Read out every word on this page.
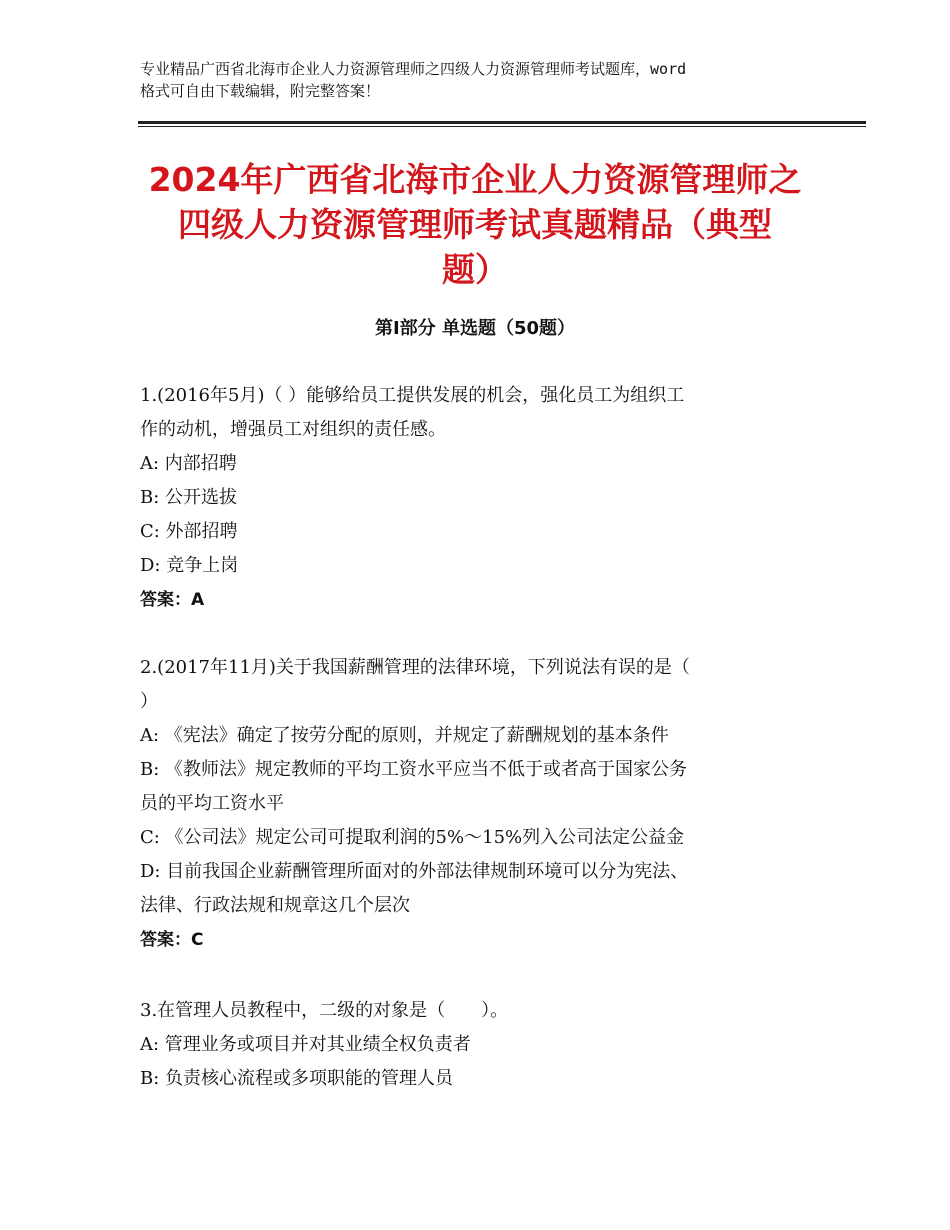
专业精品广西省北海市企业人力资源管理师之四级人力资源管理师考试题库，word
格式可自由下载编辑，附完整答案！
2024年广西省北海市企业人力资源管理师之
四级人力资源管理师考试真题精品（典型
题）
第Ⅰ部分 单选题（50题）
1.(2016年5月)（ ）能够给员工提供发展的机会，强化员工为组织工
作的动机，增强员工对组织的责任感。
A: 内部招聘
B: 公开选拔
C: 外部招聘
D: 竞争上岗
答案：A
2.(2017年11月)关于我国薪酬管理的法律环境，下列说法有误的是（
）
A: 《宪法》确定了按劳分配的原则，并规定了薪酬规划的基本条件
B: 《教师法》规定教师的平均工资水平应当不低于或者高于国家公务
员的平均工资水平
C: 《公司法》规定公司可提取利润的5%～15%列入公司法定公益金
D: 目前我国企业薪酬管理所面对的外部法律规制环境可以分为宪法、
法律、行政法规和规章这几个层次
答案：C
3.在管理人员教程中，二级的对象是（　　）。
A: 管理业务或项目并对其业绩全权负责者
B: 负责核心流程或多项职能的管理人员
